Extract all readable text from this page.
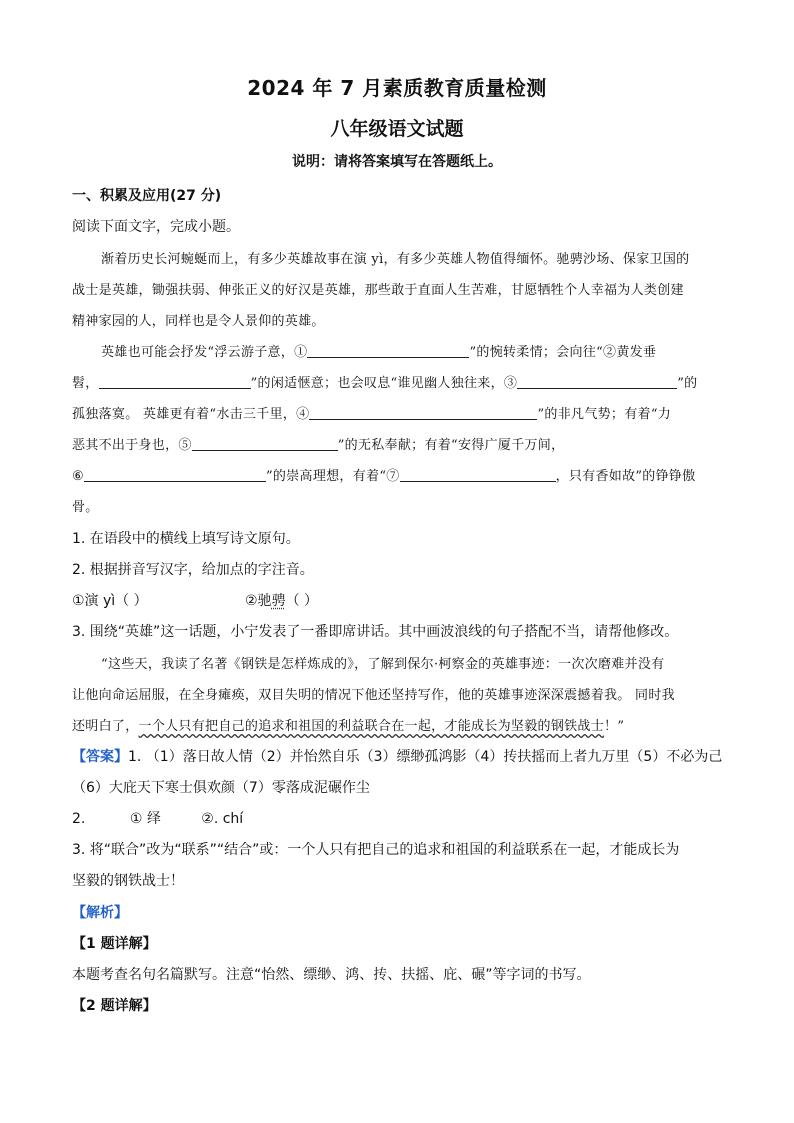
2024 年 7 月素质教育质量检测
八年级语文试题
说明：请将答案填写在答题纸上。
一、积累及应用(27 分)
阅读下面文字，完成小题。
渐着历史长河蜿蜒而上，有多少英雄故事在演 yì，有多少英雄人物值得缅怀。驰骋沙场、保家卫国的
战士是英雄，锄强扶弱、伸张正义的好汉是英雄，那些敢于直面人生苦难，甘愿牺牲个人幸福为人类创建
精神家园的人，同样也是令人景仰的英雄。
英雄也可能会抒发“浮云游子意，①	”的惋转柔情；会向往“②黄发垂
髫，	”的闲适惬意；也会叹息“谁见幽人独往来，③	”的
孤独落寞。 英雄更有着“水击三千里，④	”的非凡气势；有着“力
恶其不出于身也，⑤	”的无私奉献；有着“安得广厦千万间，
⑥	”的崇高理想，有着“⑦	，只有香如故”的铮铮傲
骨。
1. 在语段中的横线上填写诗文原句。
2. 根据拼音写汉字，给加点的字注音。
①演 yì（ ）	②驰骋（ ）
3. 围绕“英雄”这一话题，小宁发表了一番即席讲话。其中画波浪线的句子搭配不当，请帮他修改。
“这些天，我读了名著《钢铁是怎样炼成的》，了解到保尔·柯察金的英雄事迹：一次次磨难并没有
让他向命运屈服，在全身瘫痪，双目失明的情况下他还坚持写作，他的英雄事迹深深震撼着我。 同时我
还明白了，一个人只有把自己的追求和祖国的利益联合在一起，才能成长为坚毅的钢铁战士！”
【答案】1. （1）落日故人情（2）并怡然自乐（3）缥缈孤鸿影（4）抟扶摇而上者九万里（5）不必为己
（6）大庇天下寒士俱欢颜（7）零落成泥碾作尘
2.	① 绎	②. chí
3. 将“联合”改为“联系”“结合”或：一个人只有把自己的追求和祖国的利益联系在一起，才能成长为
坚毅的钢铁战士！
【解析】
【1 题详解】
本题考查名句名篇默写。注意“怡然、缥缈、鸿、抟、扶摇、庇、碾”等字词的书写。
【2 题详解】
